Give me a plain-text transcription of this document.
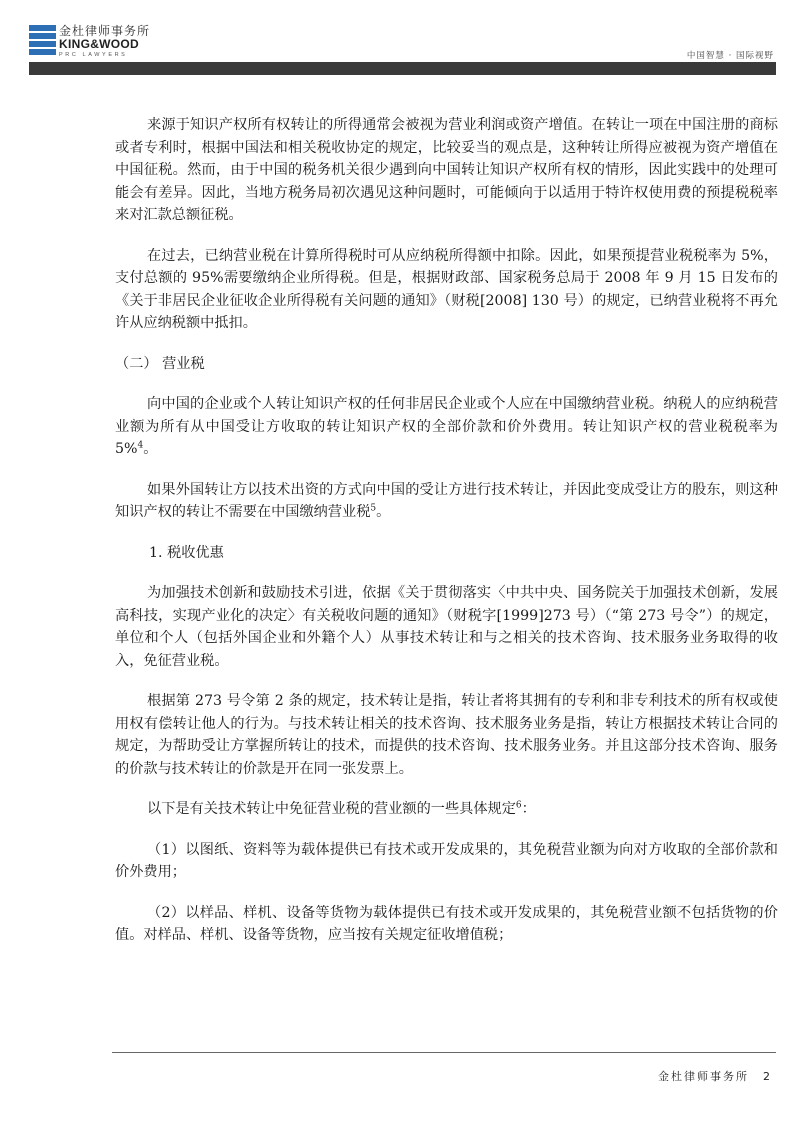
金杜律师事务所
KING&WOOD
PRC LAWYERS	中国智慧 · 国际视野

来源于知识产权所有权转让的所得通常会被视为营业利润或资产增值。在转让一项在中国注册的商标或者专利时，根据中国法和相关税收协定的规定，比较妥当的观点是，这种转让所得应被视为资产增值在中国征税。然而，由于中国的税务机关很少遇到向中国转让知识产权所有权的情形，因此实践中的处理可能会有差异。因此，当地方税务局初次遇见这种问题时，可能倾向于以适用于特许权使用费的预提税税率来对汇款总额征税。

在过去，已纳营业税在计算所得税时可从应纳税所得额中扣除。因此，如果预提营业税税率为 5%，支付总额的 95%需要缴纳企业所得税。但是，根据财政部、国家税务总局于 2008 年 9 月 15 日发布的《关于非居民企业征收企业所得税有关问题的通知》（财税[2008] 130 号）的规定，已纳营业税将不再允许从应纳税额中抵扣。

（二） 营业税

向中国的企业或个人转让知识产权的任何非居民企业或个人应在中国缴纳营业税。纳税人的应纳税营业额为所有从中国受让方收取的转让知识产权的全部价款和价外费用。转让知识产权的营业税税率为 5%$^4$。

如果外国转让方以技术出资的方式向中国的受让方进行技术转让，并因此变成受让方的股东，则这种知识产权的转让不需要在中国缴纳营业税$^5$。

1. 税收优惠

为加强技术创新和鼓励技术引进，依据《关于贯彻落实〈中共中央、国务院关于加强技术创新，发展高科技，实现产业化的决定〉有关税收问题的通知》（财税字[1999]273 号）（“第 273 号令”）的规定，单位和个人（包括外国企业和外籍个人）从事技术转让和与之相关的技术咨询、技术服务业务取得的收入，免征营业税。

根据第 273 号令第 2 条的规定，技术转让是指，转让者将其拥有的专利和非专利技术的所有权或使用权有偿转让他人的行为。与技术转让相关的技术咨询、技术服务业务是指，转让方根据技术转让合同的规定，为帮助受让方掌握所转让的技术，而提供的技术咨询、技术服务业务。并且这部分技术咨询、服务的价款与技术转让的价款是开在同一张发票上。

以下是有关技术转让中免征营业税的营业额的一些具体规定$^6$：

（1）以图纸、资料等为载体提供已有技术或开发成果的，其免税营业额为向对方收取的全部价款和价外费用；

（2）以样品、样机、设备等货物为载体提供已有技术或开发成果的，其免税营业额不包括货物的价值。对样品、样机、设备等货物，应当按有关规定征收增值税；

金杜律师事务所 2
